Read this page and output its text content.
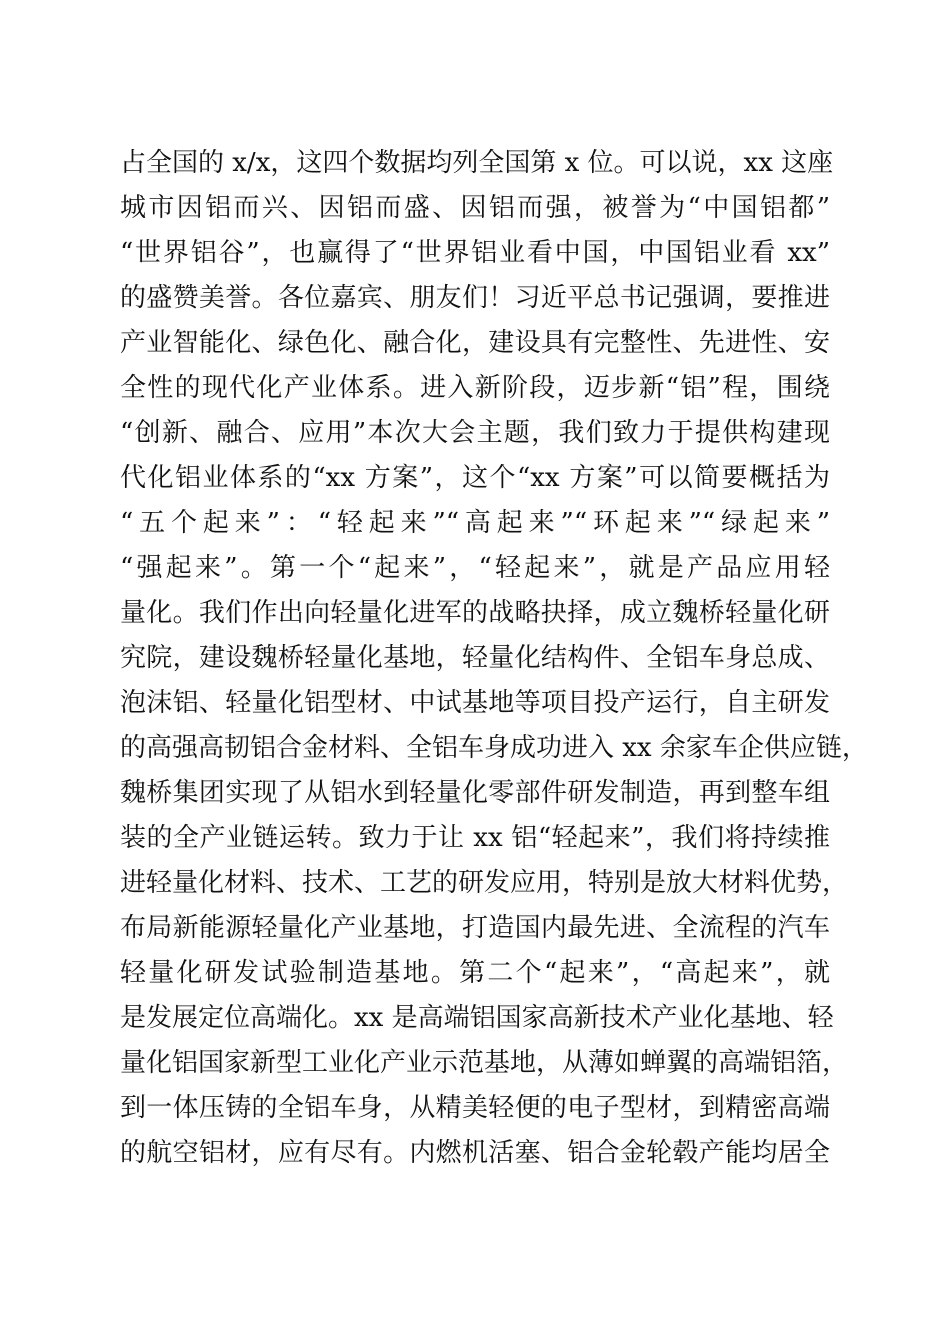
占全国的 x/x，这四个数据均列全国第 x 位。可以说，xx 这座
城市因铝而兴、因铝而盛、因铝而强，被誉为“中国铝都”
“世界铝谷”，也赢得了“世界铝业看中国，中国铝业看 xx”
的盛赞美誉。各位嘉宾、朋友们！习近平总书记强调，要推进
产业智能化、绿色化、融合化，建设具有完整性、先进性、安
全性的现代化产业体系。进入新阶段，迈步新“铝”程，围绕
“创新、融合、应用”本次大会主题，我们致力于提供构建现
代化铝业体系的“xx 方案”，这个“xx 方案”可以简要概括为
“五个起来”：“轻起来”“高起来”“环起来”“绿起来”
“强起来”。第一个“起来”，“轻起来”，就是产品应用轻
量化。我们作出向轻量化进军的战略抉择，成立魏桥轻量化研
究院，建设魏桥轻量化基地，轻量化结构件、全铝车身总成、
泡沫铝、轻量化铝型材、中试基地等项目投产运行，自主研发
的高强高韧铝合金材料、全铝车身成功进入 xx 余家车企供应链，
魏桥集团实现了从铝水到轻量化零部件研发制造，再到整车组
装的全产业链运转。致力于让 xx 铝“轻起来”，我们将持续推
进轻量化材料、技术、工艺的研发应用，特别是放大材料优势，
布局新能源轻量化产业基地，打造国内最先进、全流程的汽车
轻量化研发试验制造基地。第二个“起来”，“高起来”，就
是发展定位高端化。xx 是高端铝国家高新技术产业化基地、轻
量化铝国家新型工业化产业示范基地，从薄如蝉翼的高端铝箔，
到一体压铸的全铝车身，从精美轻便的电子型材，到精密高端
的航空铝材，应有尽有。内燃机活塞、铝合金轮毂产能均居全
